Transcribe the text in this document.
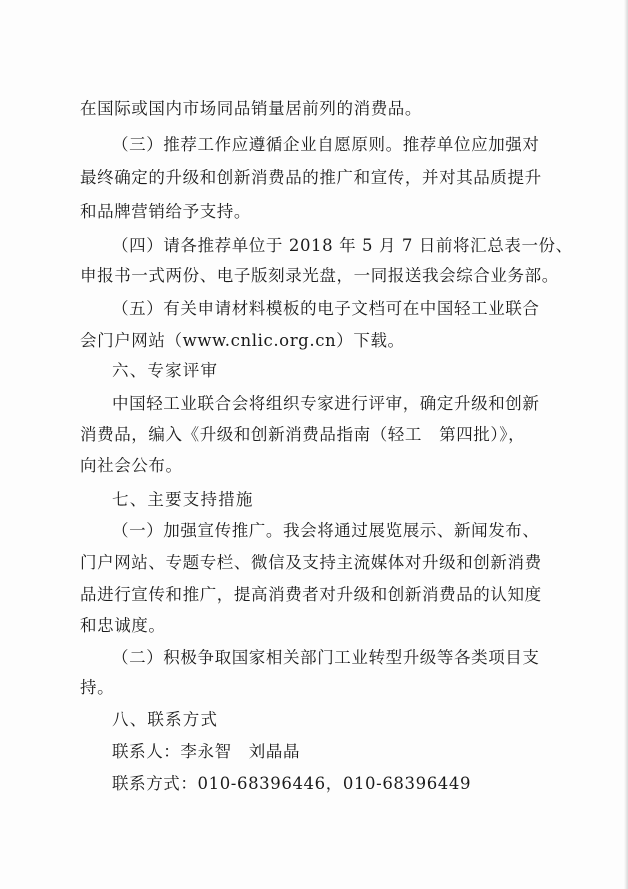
在国际或国内市场同品销量居前列的消费品。
（三）推荐工作应遵循企业自愿原则。推荐单位应加强对
最终确定的升级和创新消费品的推广和宣传，并对其品质提升
和品牌营销给予支持。
（四）请各推荐单位于 2018 年 5 月 7 日前将汇总表一份、
申报书一式两份、电子版刻录光盘，一同报送我会综合业务部。
（五）有关申请材料模板的电子文档可在中国轻工业联合
会门户网站（www.cnlic.org.cn）下载。
六、专家评审
中国轻工业联合会将组织专家进行评审，确定升级和创新
消费品，编入《升级和创新消费品指南（轻工　第四批）》，
向社会公布。
七、主要支持措施
（一）加强宣传推广。我会将通过展览展示、新闻发布、
门户网站、专题专栏、微信及支持主流媒体对升级和创新消费
品进行宣传和推广，提高消费者对升级和创新消费品的认知度
和忠诚度。
（二）积极争取国家相关部门工业转型升级等各类项目支
持。
八、联系方式
联系人：李永智　刘晶晶
联系方式：010-68396446，010-68396449
